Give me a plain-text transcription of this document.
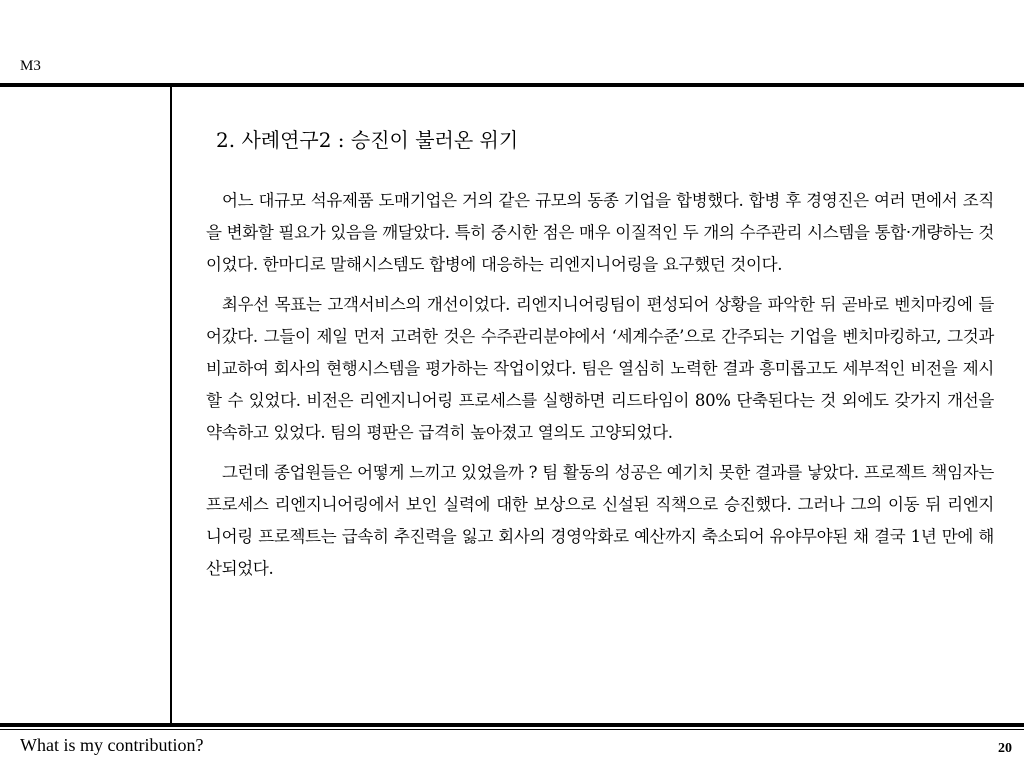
M3
2. 사례연구2 : 승진이 불러온 위기

어느 대규모 석유제품 도매기업은 거의 같은 규모의 동종 기업을 합병했다. 합병 후 경영진은 여러 면에서 조직을 변화할 필요가 있음을 깨달았다. 특히 중시한 점은 매우 이질적인 두 개의 수주관리 시스템을 통합·개량하는 것이었다. 한마디로 말해시스템도 합병에 대응하는 리엔지니어링을 요구했던 것이다.

최우선 목표는 고객서비스의 개선이었다. 리엔지니어링팀이 편성되어 상황을 파악한 뒤 곧바로 벤치마킹에 들어갔다. 그들이 제일 먼저 고려한 것은 수주관리분야에서 ‘세계수준’으로 간주되는 기업을 벤치마킹하고, 그것과 비교하여 회사의 현행시스템을 평가하는 작업이었다. 팀은 열심히 노력한 결과 흥미롭고도 세부적인 비전을 제시할 수 있었다. 비전은 리엔지니어링 프로세스를 실행하면 리드타임이 80% 단축된다는 것 외에도 갖가지 개선을 약속하고 있었다. 팀의 평판은 급격히 높아졌고 열의도 고양되었다.

그런데 종업원들은 어떻게 느끼고 있었을까 ? 팀 활동의 성공은 예기치 못한 결과를 낳았다. 프로젝트 책임자는 프로세스 리엔지니어링에서 보인 실력에 대한 보상으로 신설된 직책으로 승진했다. 그러나 그의 이동 뒤 리엔지니어링 프로젝트는 급속히 추진력을 잃고 회사의 경영악화로 예산까지 축소되어 유야무야된 채 결국 1년 만에 해산되었다.

What is my contribution?	20
